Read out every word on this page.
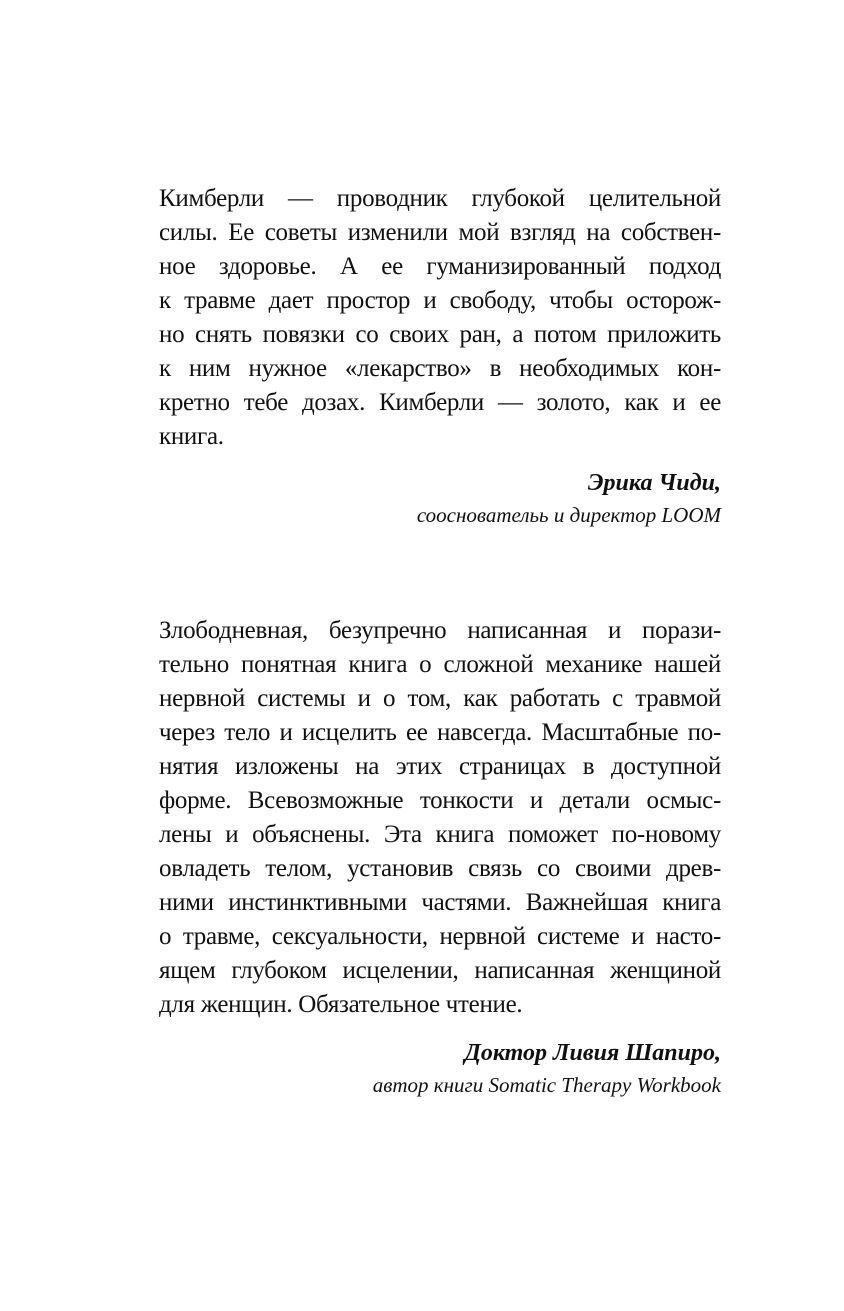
Кимберли — проводник глубокой целительной
силы. Ее советы изменили мой взгляд на собствен-
ное здоровье. А ее гуманизированный подход
к травме дает простор и свободу, чтобы осторож-
но снять повязки со своих ран, а потом приложить
к ним нужное «лекарство» в необходимых кон-
кретно тебе дозах. Кимберли — золото, как и ее
книга.
Эрика Чиди,
соосновательь и директор LOOM
Злободневная, безупречно написанная и порази-
тельно понятная книга о сложной механике нашей
нервной системы и о том, как работать с травмой
через тело и исцелить ее навсегда. Масштабные по-
нятия изложены на этих страницах в доступной
форме. Всевозможные тонкости и детали осмыс-
лены и объяснены. Эта книга поможет по-новому
овладеть телом, установив связь со своими древ-
ними инстинктивными частями. Важнейшая книга
о травме, сексуальности, нервной системе и насто-
ящем глубоком исцелении, написанная женщиной
для женщин. Обязательное чтение.
Доктор Ливия Шапиро,
автор книги Somatic Therapy Workbook
